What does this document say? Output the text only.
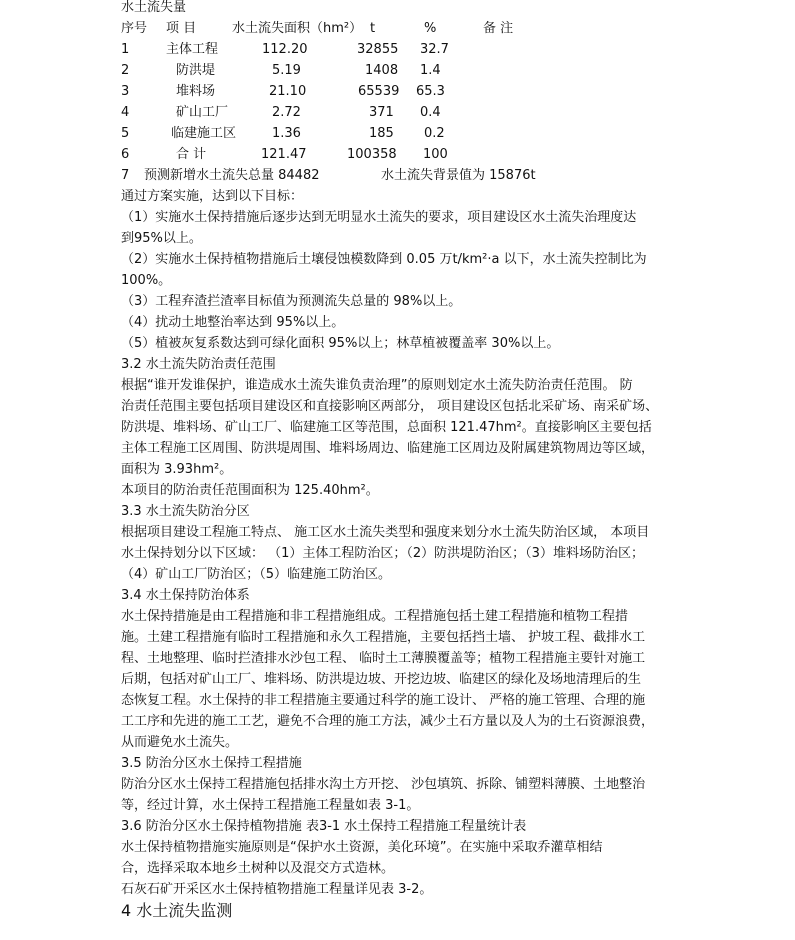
水土流失量
序号 项 目	水土流失面积（hm²） t	%	备 注
1	主体工程	112.20	32855 32.7
2	防洪堤	5.19	1408 1.4
3	堆料场	21.10	65539 65.3
4	矿山工厂	2.72	371 0.4
5	临建施工区	1.36	185 0.2
6	合 计	121.47	100358 100
7 预测新增水土流失总量 84482	水土流失背景值为 15876t
通过方案实施，达到以下目标：
（1）实施水土保持措施后逐步达到无明显水土流失的要求，项目建设区水土流失治理度达
到95%以上。
（2）实施水土保持植物措施后土壤侵蚀模数降到 0.05 万t/km²·a 以下，水土流失控制比为
100%。
（3）工程弃渣拦渣率目标值为预测流失总量的 98%以上。
（4）扰动土地整治率达到 95%以上。
（5）植被灰复系数达到可绿化面积 95%以上；林草植被覆盖率 30%以上。
3.2 水土流失防治责任范围
根据“谁开发谁保护，谁造成水土流失谁负责治理”的原则划定水土流失防治责任范围。 防
治责任范围主要包括项目建设区和直接影响区两部分， 项目建设区包括北采矿场、南采矿场、
防洪堤、堆料场、矿山工厂、临建施工区等范围，总面积 121.47hm²。直接影响区主要包括
主体工程施工区周围、防洪堤周围、堆料场周边、临建施工区周边及附属建筑物周边等区域，
面积为 3.93hm²。
本项目的防治责任范围面积为 125.40hm²。
3.3 水土流失防治分区
根据项目建设工程施工特点、 施工区水土流失类型和强度来划分水土流失防治区域， 本项目
水土保持划分以下区域： （1）主体工程防治区；（2）防洪堤防治区；（3）堆料场防治区；
（4）矿山工厂防治区；（5）临建施工防治区。
3.4 水土保持防治体系
水土保持措施是由工程措施和非工程措施组成。工程措施包括土建工程措施和植物工程措
施。土建工程措施有临时工程措施和永久工程措施，主要包括挡土墙、 护坡工程、截排水工
程、土地整理、临时拦渣排水沙包工程、 临时土工薄膜覆盖等；植物工程措施主要针对施工
后期，包括对矿山工厂、堆料场、防洪堤边坡、开挖边坡、临建区的绿化及场地清理后的生
态恢复工程。水土保持的非工程措施主要通过科学的施工设计、 严格的施工管理、合理的施
工工序和先进的施工工艺，避免不合理的施工方法，减少土石方量以及人为的土石资源浪费，
从而避免水土流失。
3.5 防治分区水土保持工程措施
防治分区水土保持工程措施包括排水沟土方开挖、 沙包填筑、拆除、铺塑料薄膜、土地整治
等，经过计算，水土保持工程措施工程量如表 3-1。
3.6 防治分区水土保持植物措施 表3-1 水土保持工程措施工程量统计表
水土保持植物措施实施原则是“保护水土资源，美化环境”。在实施中采取乔灌草相结
合，选择采取本地乡土树种以及混交方式造林。
石灰石矿开采区水土保持植物措施工程量详见表 3-2。
4 水土流失监测
